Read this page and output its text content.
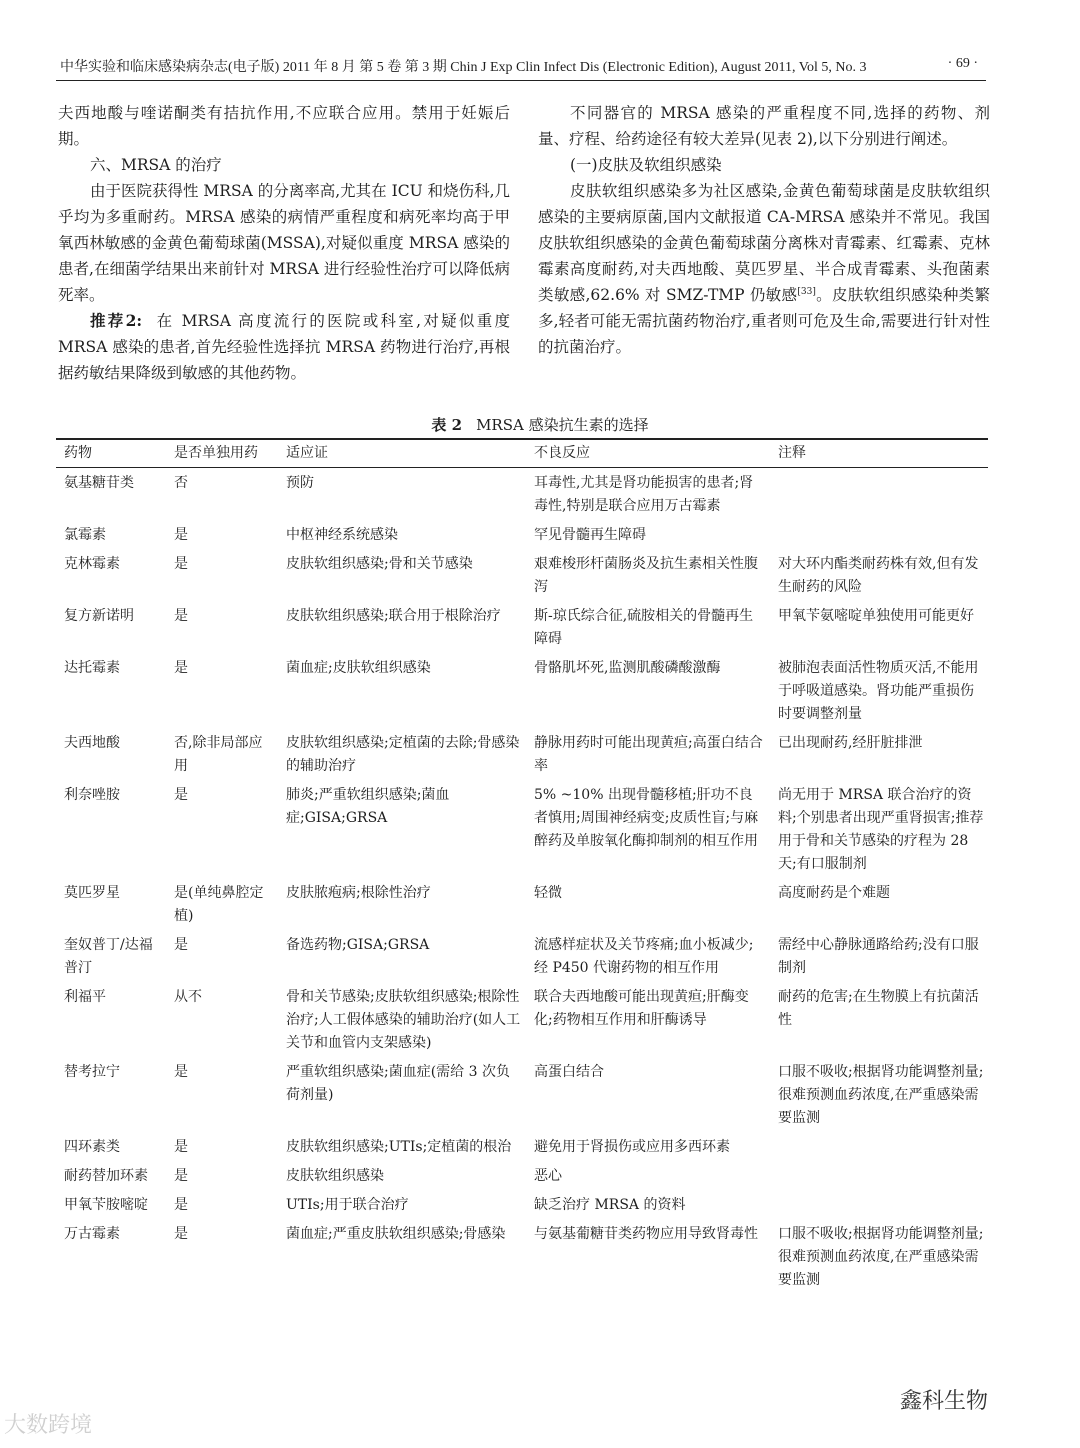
中华实验和临床感染病杂志(电子版) 2011 年 8 月 第 5 卷 第 3 期 Chin J Exp Clin Infect Dis (Electronic Edition), August 2011, Vol 5, No. 3	· 69 ·

夫西地酸与喹诺酮类有拮抗作用,不应联合应用。禁用于妊娠后期。

六、MRSA 的治疗

由于医院获得性 MRSA 的分离率高,尤其在 ICU 和烧伤科,几乎均为多重耐药。MRSA 感染的病情严重程度和病死率均高于甲氧西林敏感的金黄色葡萄球菌(MSSA),对疑似重度 MRSA 感染的患者,在细菌学结果出来前针对 MRSA 进行经验性治疗可以降低病死率。

推荐2: 在 MRSA 高度流行的医院或科室,对疑似重度 MRSA 感染的患者,首先经验性选择抗 MRSA 药物进行治疗,再根据药敏结果降级到敏感的其他药物。

不同器官的 MRSA 感染的严重程度不同,选择的药物、剂量、疗程、给药途径有较大差异(见表 2),以下分别进行阐述。

(一)皮肤及软组织感染

皮肤软组织感染多为社区感染,金黄色葡萄球菌是皮肤软组织感染的主要病原菌,国内文献报道 CA-MRSA 感染并不常见。我国皮肤软组织感染的金黄色葡萄球菌分离株对青霉素、红霉素、克林霉素高度耐药,对夫西地酸、莫匹罗星、半合成青霉素、头孢菌素类敏感,62.6% 对 SMZ-TMP 仍敏感[33]。皮肤软组织感染种类繁多,轻者可能无需抗菌药物治疗,重者则可危及生命,需要进行针对性的抗菌治疗。

表 2 MRSA 感染抗生素的选择
药物	是否单独用药	适应证	不良反应	注释
氨基糖苷类	否	预防	耳毒性,尤其是肾功能损害的患者;肾毒性,特别是联合应用万古霉素	
氯霉素	是	中枢神经系统感染	罕见骨髓再生障碍	
克林霉素	是	皮肤软组织感染;骨和关节感染	艰难梭形杆菌肠炎及抗生素相关性腹泻	对大环内酯类耐药株有效,但有发生耐药的风险
复方新诺明	是	皮肤软组织感染;联合用于根除治疗	斯-琼氏综合征,硫胺相关的骨髓再生障碍	甲氧苄氨嘧啶单独使用可能更好
达托霉素	是	菌血症;皮肤软组织感染	骨骼肌坏死,监测肌酸磷酸激酶	被肺泡表面活性物质灭活,不能用于呼吸道感染。肾功能严重损伤时要调整剂量
夫西地酸	否,除非局部应用	皮肤软组织感染;定植菌的去除;骨感染的辅助治疗	静脉用药时可能出现黄疸;高蛋白结合率	已出现耐药,经肝脏排泄
利奈唑胺	是	肺炎;严重软组织感染;菌血症;GISA;GRSA	5% ~10% 出现骨髓移植;肝功不良者慎用;周围神经病变;皮质性盲;与麻醉药及单胺氧化酶抑制剂的相互作用	尚无用于 MRSA 联合治疗的资料;个别患者出现严重肾损害;推荐用于骨和关节感染的疗程为 28 天;有口服制剂
莫匹罗星	是(单纯鼻腔定植)	皮肤脓疱病;根除性治疗	轻微	高度耐药是个难题
奎奴普丁/达福普汀	是	备选药物;GISA;GRSA	流感样症状及关节疼痛;血小板减少;经 P450 代谢药物的相互作用	需经中心静脉通路给药;没有口服制剂
利福平	从不	骨和关节感染;皮肤软组织感染;根除性治疗;人工假体感染的辅助治疗(如人工关节和血管内支架感染)	联合夫西地酸可能出现黄疸;肝酶变化;药物相互作用和肝酶诱导	耐药的危害;在生物膜上有抗菌活性
替考拉宁	是	严重软组织感染;菌血症(需给 3 次负荷剂量)	高蛋白结合	口服不吸收;根据肾功能调整剂量;很难预测血药浓度,在严重感染需要监测
四环素类	是	皮肤软组织感染;UTIs;定植菌的根治	避免用于肾损伤或应用多西环素	
耐药替加环素	是	皮肤软组织感染	恶心	
甲氧苄胺嘧啶	是	UTIs;用于联合治疗	缺乏治疗 MRSA 的资料	
万古霉素	是	菌血症;严重皮肤软组织感染;骨感染	与氨基葡糖苷类药物应用导致肾毒性	口服不吸收;根据肾功能调整剂量;很难预测血药浓度,在严重感染需要监测
大数跨境
鑫科生物
